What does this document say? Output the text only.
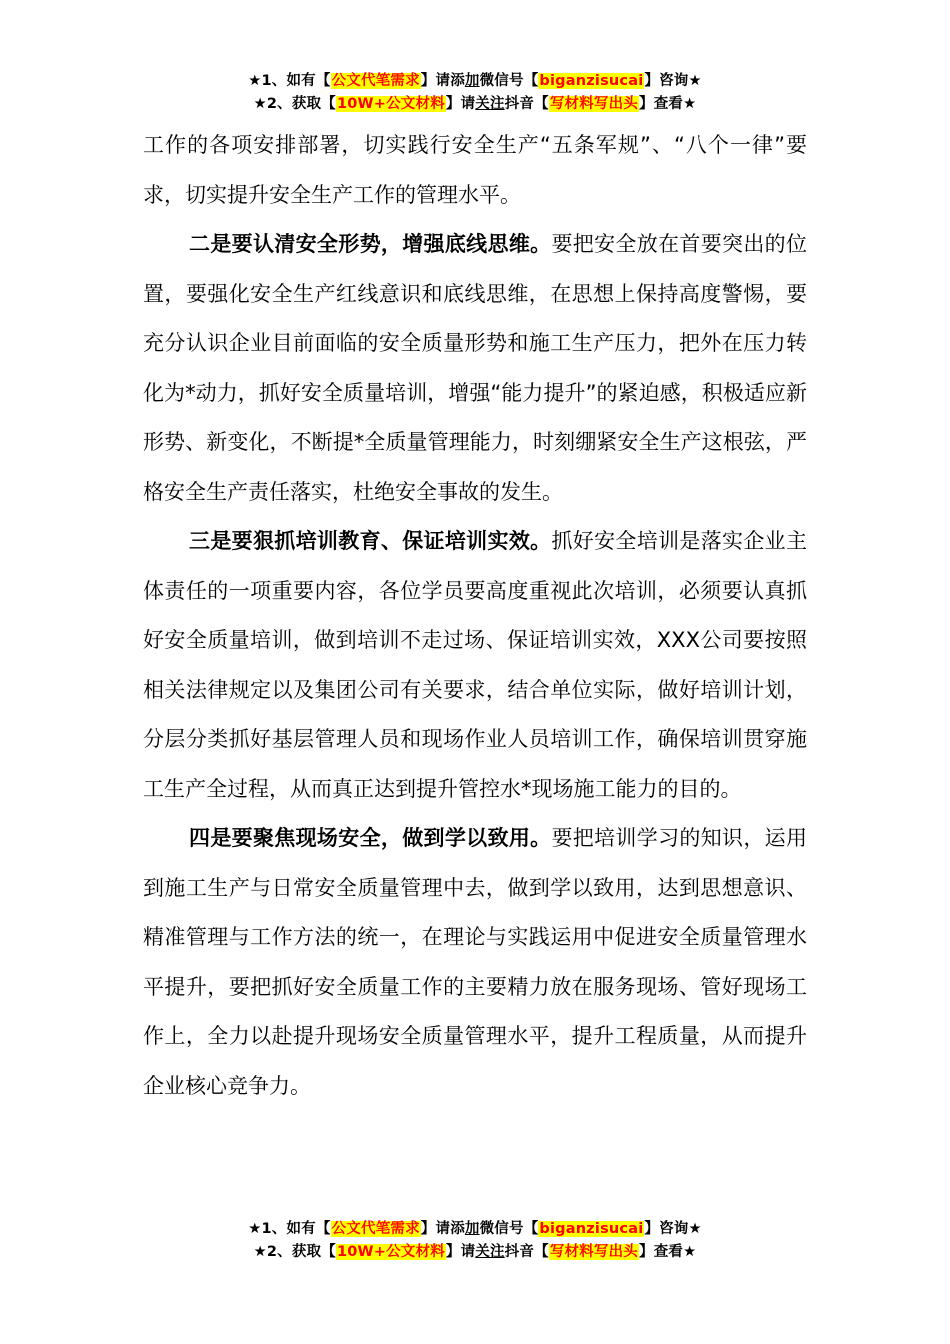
★1、如有【公文代笔需求】请添加微信号【biganzisucai】咨询★
★2、获取【10W+公文材料】请关注抖音【写材料写出头】查看★

工作的各项安排部署，切实践行安全生产“五条军规”、“八个一律”要求，切实提升安全生产工作的管理水平。

二是要认清安全形势，增强底线思维。要把安全放在首要突出的位置，要强化安全生产红线意识和底线思维，在思想上保持高度警惕，要充分认识企业目前面临的安全质量形势和施工生产压力，把外在压力转化为*动力，抓好安全质量培训，增强“能力提升”的紧迫感，积极适应新形势、新变化，不断提*全质量管理能力，时刻绷紧安全生产这根弦，严格安全生产责任落实，杜绝安全事故的发生。

三是要狠抓培训教育、保证培训实效。抓好安全培训是落实企业主体责任的一项重要内容，各位学员要高度重视此次培训，必须要认真抓好安全质量培训，做到培训不走过场、保证培训实效，XXX公司要按照相关法律规定以及集团公司有关要求，结合单位实际，做好培训计划，分层分类抓好基层管理人员和现场作业人员培训工作，确保培训贯穿施工生产全过程，从而真正达到提升管控水*现场施工能力的目的。

四是要聚焦现场安全，做到学以致用。要把培训学习的知识，运用到施工生产与日常安全质量管理中去，做到学以致用，达到思想意识、精准管理与工作方法的统一，在理论与实践运用中促进安全质量管理水平提升，要把抓好安全质量工作的主要精力放在服务现场、管好现场工作上，全力以赴提升现场安全质量管理水平，提升工程质量，从而提升企业核心竞争力。

★1、如有【公文代笔需求】请添加微信号【biganzisucai】咨询★
★2、获取【10W+公文材料】请关注抖音【写材料写出头】查看★
